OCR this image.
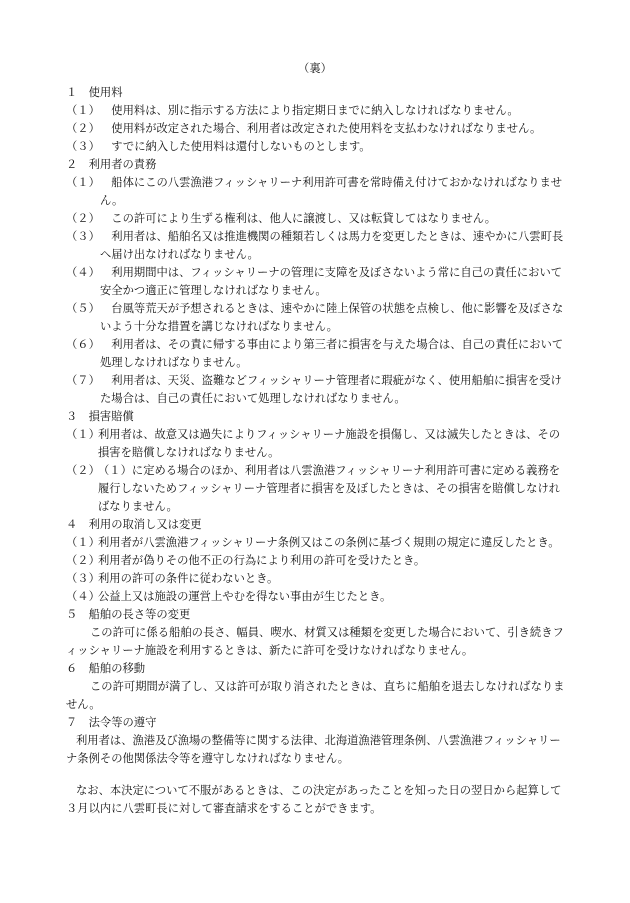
（裏）
１　使用料
（１） 　使用料は、別に指示する方法により指定期日までに納入しなければなりません。
（２） 　使用料が改定された場合、利用者は改定された使用料を支払わなければなりません。
（３） 　すでに納入した使用料は還付しないものとします。
２　利用者の責務
（１） 　船体にこの八雲漁港フィッシャリーナ利用許可書を常時備え付けておかなければなりません。
（２） 　この許可により生ずる権利は、他人に譲渡し、又は転貸してはなりません。
（３） 　利用者は、船舶名又は推進機関の種類若しくは馬力を変更したときは、速やかに八雲町長へ届け出なければなりません。
（４） 　利用期間中は、フィッシャリーナの管理に支障を及ぼさないよう常に自己の責任において安全かつ適正に管理しなければなりません。
（５） 　台風等荒天が予想されるときは、速やかに陸上保管の状態を点検し、他に影響を及ぼさないよう十分な措置を講じなければなりません。
（６） 　利用者は、その責に帰する事由により第三者に損害を与えた場合は、自己の責任において処理しなければなりません。
（７） 　利用者は、天災、盗難などフィッシャリーナ管理者に瑕疵がなく、使用船舶に損害を受けた場合は、自己の責任において処理しなければなりません。
３　損害賠償
（１）
利用者は、故意又は過失によりフィッシャリーナ施設を損傷し、又は滅失したときは、その損害を賠償しなければなりません。
（２）
（１）に定める場合のほか、利用者は八雲漁港フィッシャリーナ利用許可書に定める義務を履行しないためフィッシャリーナ管理者に損害を及ぼしたときは、その損害を賠償しなければなりません。
４　利用の取消し又は変更
（１）
利用者が八雲漁港フィッシャリーナ条例又はこの条例に基づく規則の規定に違反したとき。
（２）
利用者が偽りその他不正の行為により利用の許可を受けたとき。
（３）
利用の許可の条件に従わないとき。
（４）
公益上又は施設の運営上やむを得ない事由が生じたとき。
５　船舶の長さ等の変更
この許可に係る船舶の長さ、幅員、喫水、材質又は種類を変更した場合において、引き続きフィッシャリーナ施設を利用するときは、新たに許可を受けなければなりません。
６　船舶の移動
この許可期間が満了し、又は許可が取り消されたときは、直ちに船舶を退去しなければなりません。
７　法令等の遵守
利用者は、漁港及び漁場の整備等に関する法律、北海道漁港管理条例、八雲漁港フィッシャリーナ条例その他関係法令等を遵守しなければなりません。
なお、本決定について不服があるときは、この決定があったことを知った日の翌日から起算して３月以内に八雲町長に対して審査請求をすることができます。
